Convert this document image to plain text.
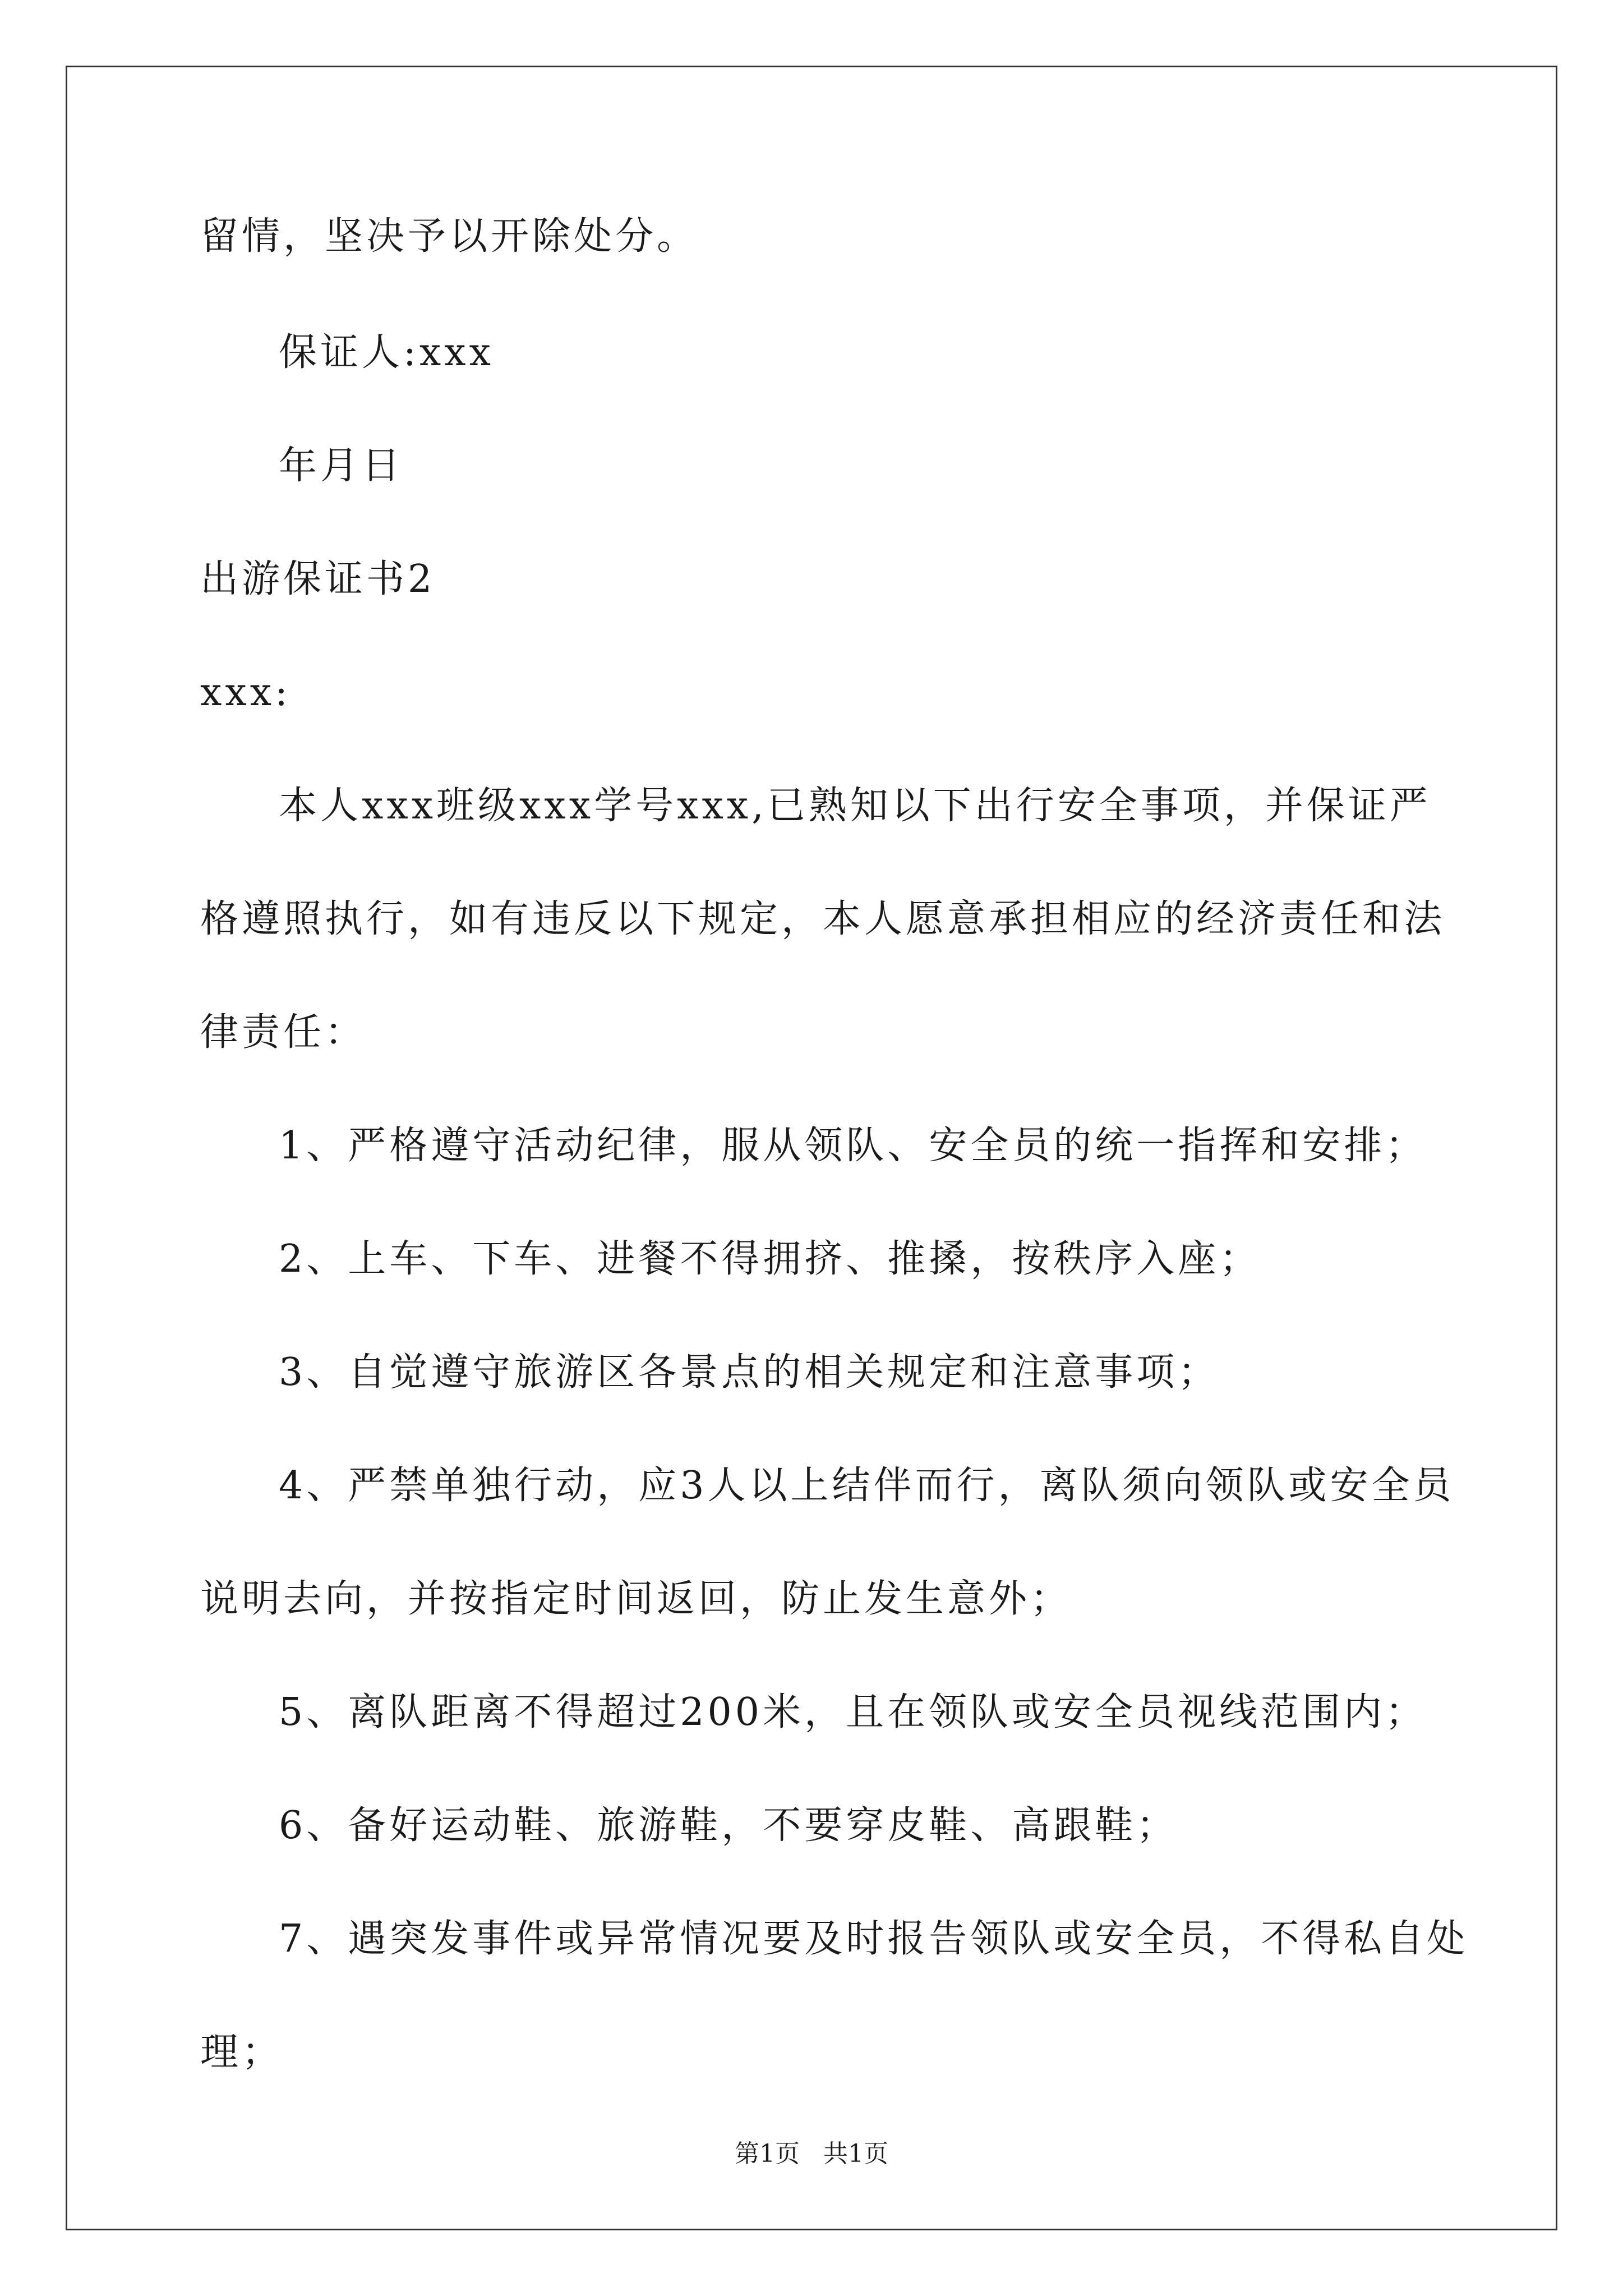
留情，坚决予以开除处分。
保证人:xxx
年月日
出游保证书2
xxx:
本人xxx班级xxx学号xxx,已熟知以下出行安全事项，并保证严
格遵照执行，如有违反以下规定，本人愿意承担相应的经济责任和法
律责任：
1、严格遵守活动纪律，服从领队、安全员的统一指挥和安排；
2、上车、下车、进餐不得拥挤、推搡，按秩序入座；
3、自觉遵守旅游区各景点的相关规定和注意事项；
4、严禁单独行动，应3人以上结伴而行，离队须向领队或安全员
说明去向，并按指定时间返回，防止发生意外；
5、离队距离不得超过200米，且在领队或安全员视线范围内；
6、备好运动鞋、旅游鞋，不要穿皮鞋、高跟鞋；
7、遇突发事件或异常情况要及时报告领队或安全员，不得私自处
理；
第1页 共1页
